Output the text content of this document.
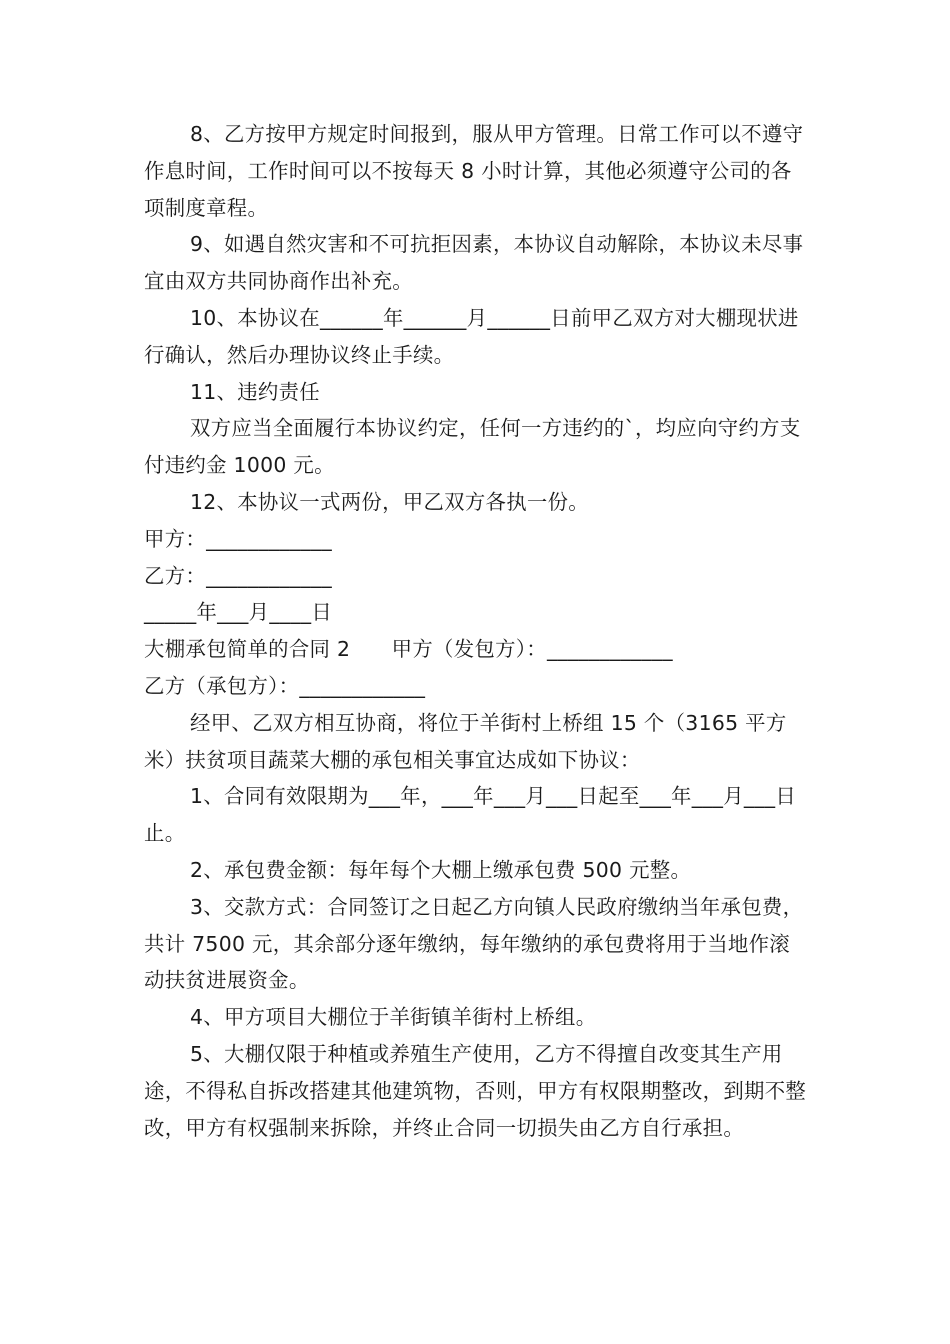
8、乙方按甲方规定时间报到，服从甲方管理。日常工作可以不遵守作息时间，工作时间可以不按每天 8 小时计算，其他必须遵守公司的各项制度章程。

9、如遇自然灾害和不可抗拒因素，本协议自动解除，本协议未尽事宜由双方共同协商作出补充。

10、本协议在______年______月______日前甲乙双方对大棚现状进行确认，然后办理协议终止手续。

11、违约责任

双方应当全面履行本协议约定，任何一方违约的`，均应向守约方支付违约金 1000 元。

12、本协议一式两份，甲乙双方各执一份。

甲方：____________

乙方：____________

_____年___月____日

大棚承包简单的合同 2　　甲方（发包方）：____________

乙方（承包方）：____________

经甲、乙双方相互协商，将位于羊街村上桥组 15 个（3165 平方米）扶贫项目蔬菜大棚的承包相关事宜达成如下协议：

1、合同有效限期为___年，___年___月___日起至___年___月___日止。

2、承包费金额：每年每个大棚上缴承包费 500 元整。

3、交款方式：合同签订之日起乙方向镇人民政府缴纳当年承包费，共计 7500 元，其余部分逐年缴纳，每年缴纳的承包费将用于当地作滚动扶贫进展资金。

4、甲方项目大棚位于羊街镇羊街村上桥组。

5、大棚仅限于种植或养殖生产使用，乙方不得擅自改变其生产用途，不得私自拆改搭建其他建筑物，否则，甲方有权限期整改，到期不整改，甲方有权强制来拆除，并终止合同一切损失由乙方自行承担。
